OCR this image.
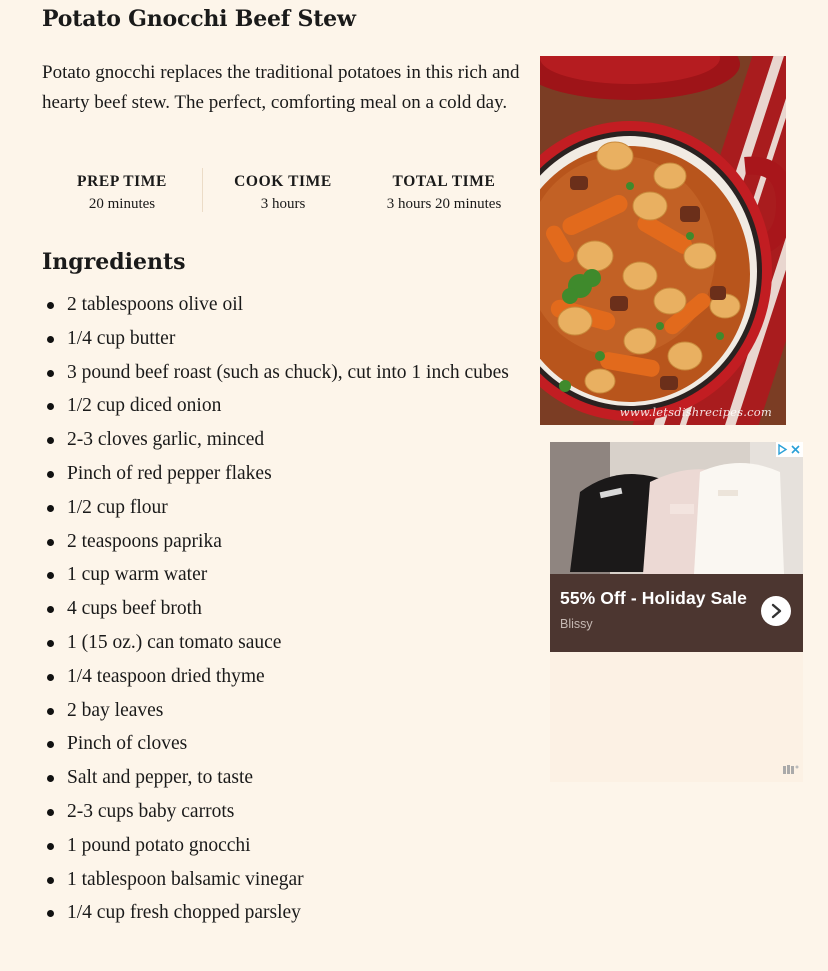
Potato Gnocchi Beef Stew

Potato gnocchi replaces the traditional potatoes in this rich and hearty beef stew. The perfect, comforting meal on a cold day.

PREP TIME
20 minutes
COOK TIME
3 hours
TOTAL TIME
3 hours 20 minutes
Ingredients
2 tablespoons olive oil
1/4 cup butter
3 pound beef roast (such as chuck), cut into 1 inch cubes
1/2 cup diced onion
2-3 cloves garlic, minced
Pinch of red pepper flakes
1/2 cup flour
2 teaspoons paprika
1 cup warm water
4 cups beef broth
1 (15 oz.) can tomato sauce
1/4 teaspoon dried thyme
2 bay leaves
Pinch of cloves
Salt and pepper, to taste
2-3 cups baby carrots
1 pound potato gnocchi
1 tablespoon balsamic vinegar
1/4 cup fresh chopped parsley
www.letsdishrecipes.com
55% Off - Holiday Sale
Blissy
